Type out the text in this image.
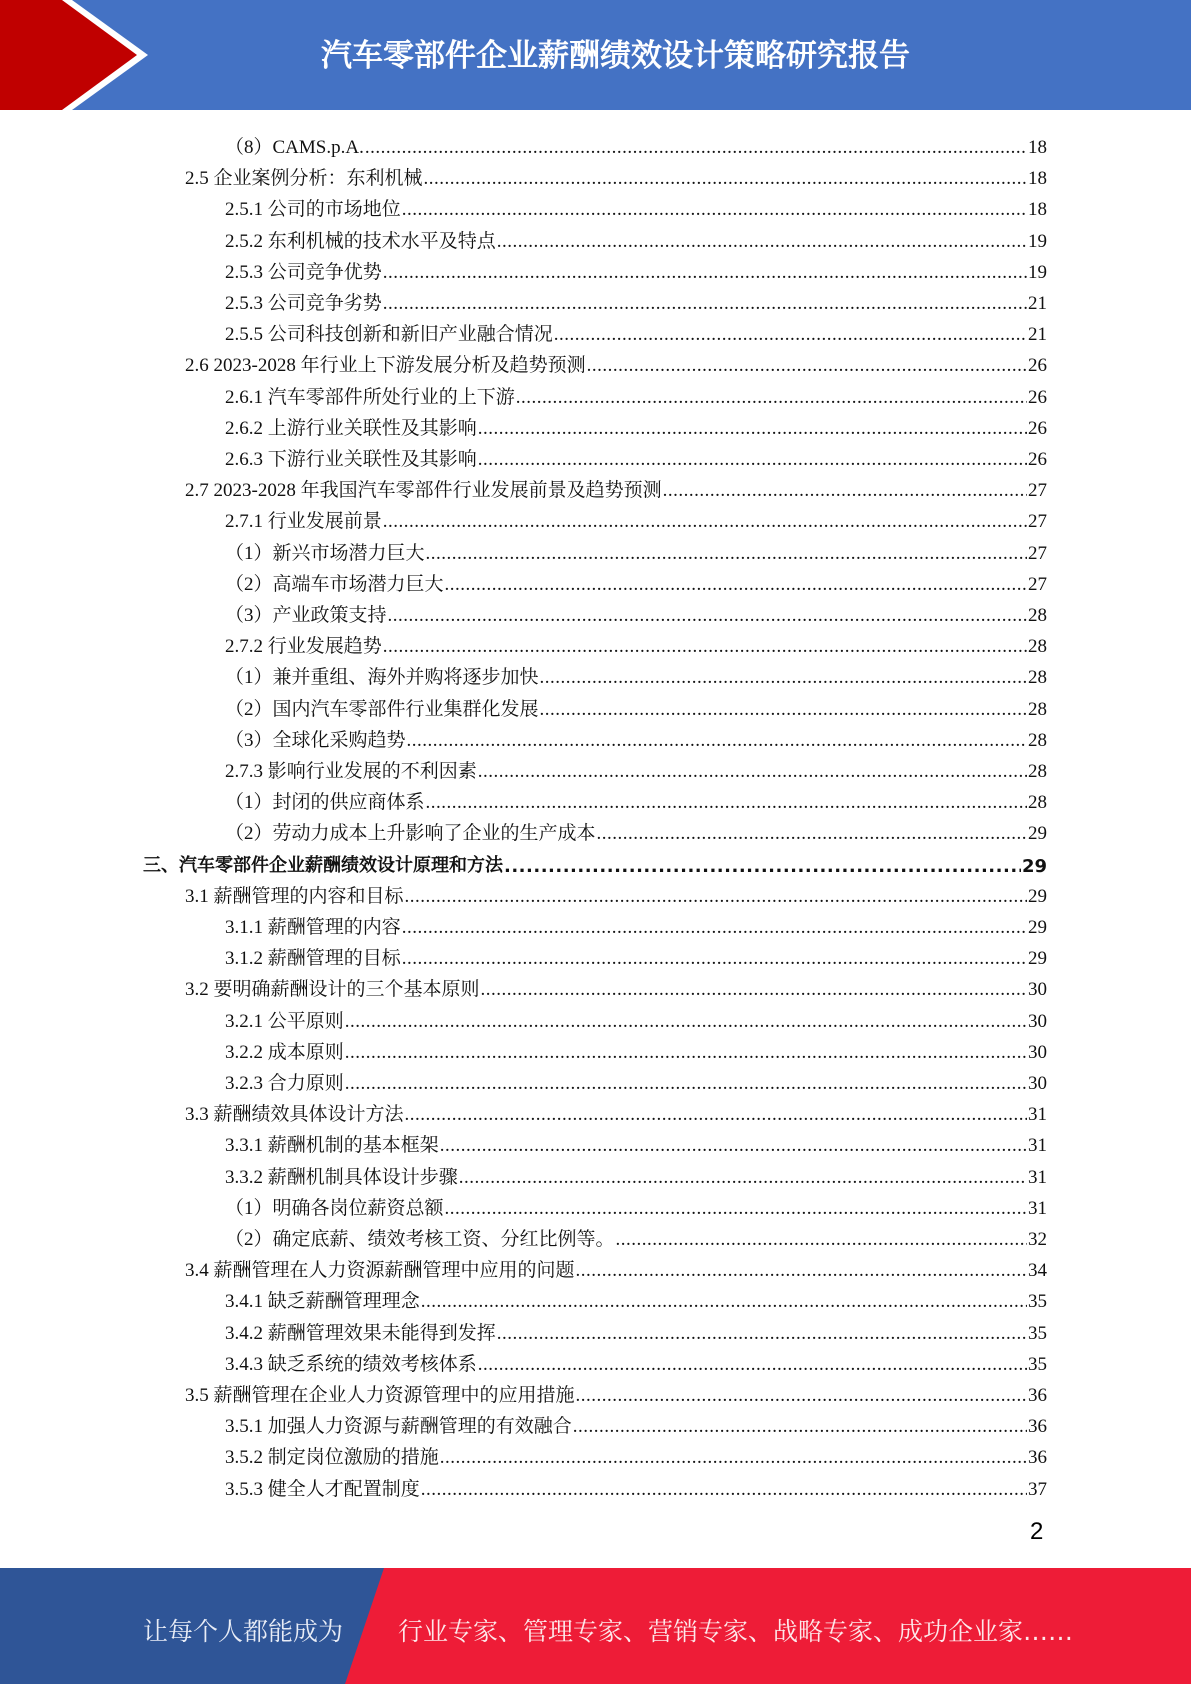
汽车零部件企业薪酬绩效设计策略研究报告
（8）CAMS.p.A. .....	18
2.5 企业案例分析：东利机械 .....	18
2.5.1 公司的市场地位 .....	18
2.5.2 东利机械的技术水平及特点 .....	19
2.5.3 公司竞争优势 .....	19
2.5.3 公司竞争劣势 .....	21
2.5.5 公司科技创新和新旧产业融合情况 .....	21
2.6 2023-2028 年行业上下游发展分析及趋势预测 .....	26
2.6.1 汽车零部件所处行业的上下游 .....	26
2.6.2 上游行业关联性及其影响 .....	26
2.6.3 下游行业关联性及其影响 .....	26
2.7 2023-2028 年我国汽车零部件行业发展前景及趋势预测 .....	27
2.7.1 行业发展前景 .....	27
（1）新兴市场潜力巨大 .....	27
（2）高端车市场潜力巨大 .....	27
（3）产业政策支持 .....	28
2.7.2 行业发展趋势 .....	28
（1）兼并重组、海外并购将逐步加快 .....	28
（2）国内汽车零部件行业集群化发展 .....	28
（3）全球化采购趋势 .....	28
2.7.3 影响行业发展的不利因素 .....	28
（1）封闭的供应商体系 .....	28
（2）劳动力成本上升影响了企业的生产成本 .....	29
三、汽车零部件企业薪酬绩效设计原理和方法 .....	29
3.1 薪酬管理的内容和目标 .....	29
3.1.1 薪酬管理的内容 .....	29
3.1.2 薪酬管理的目标 .....	29
3.2 要明确薪酬设计的三个基本原则 .....	30
3.2.1 公平原则 .....	30
3.2.2 成本原则 .....	30
3.2.3 合力原则 .....	30
3.3 薪酬绩效具体设计方法 .....	31
3.3.1 薪酬机制的基本框架 .....	31
3.3.2 薪酬机制具体设计步骤 .....	31
（1）明确各岗位薪资总额 .....	31
（2）确定底薪、绩效考核工资、分红比例等。 .....	32
3.4 薪酬管理在人力资源薪酬管理中应用的问题 .....	34
3.4.1 缺乏薪酬管理理念 .....	35
3.4.2 薪酬管理效果未能得到发挥 .....	35
3.4.3 缺乏系统的绩效考核体系 .....	35
3.5 薪酬管理在企业人力资源管理中的应用措施 .....	36
3.5.1 加强人力资源与薪酬管理的有效融合 .....	36
3.5.2 制定岗位激励的措施 .....	36
3.5.3 健全人才配置制度 .....	37
2
让每个人都能成为 行业专家、管理专家、营销专家、战略专家、成功企业家……
